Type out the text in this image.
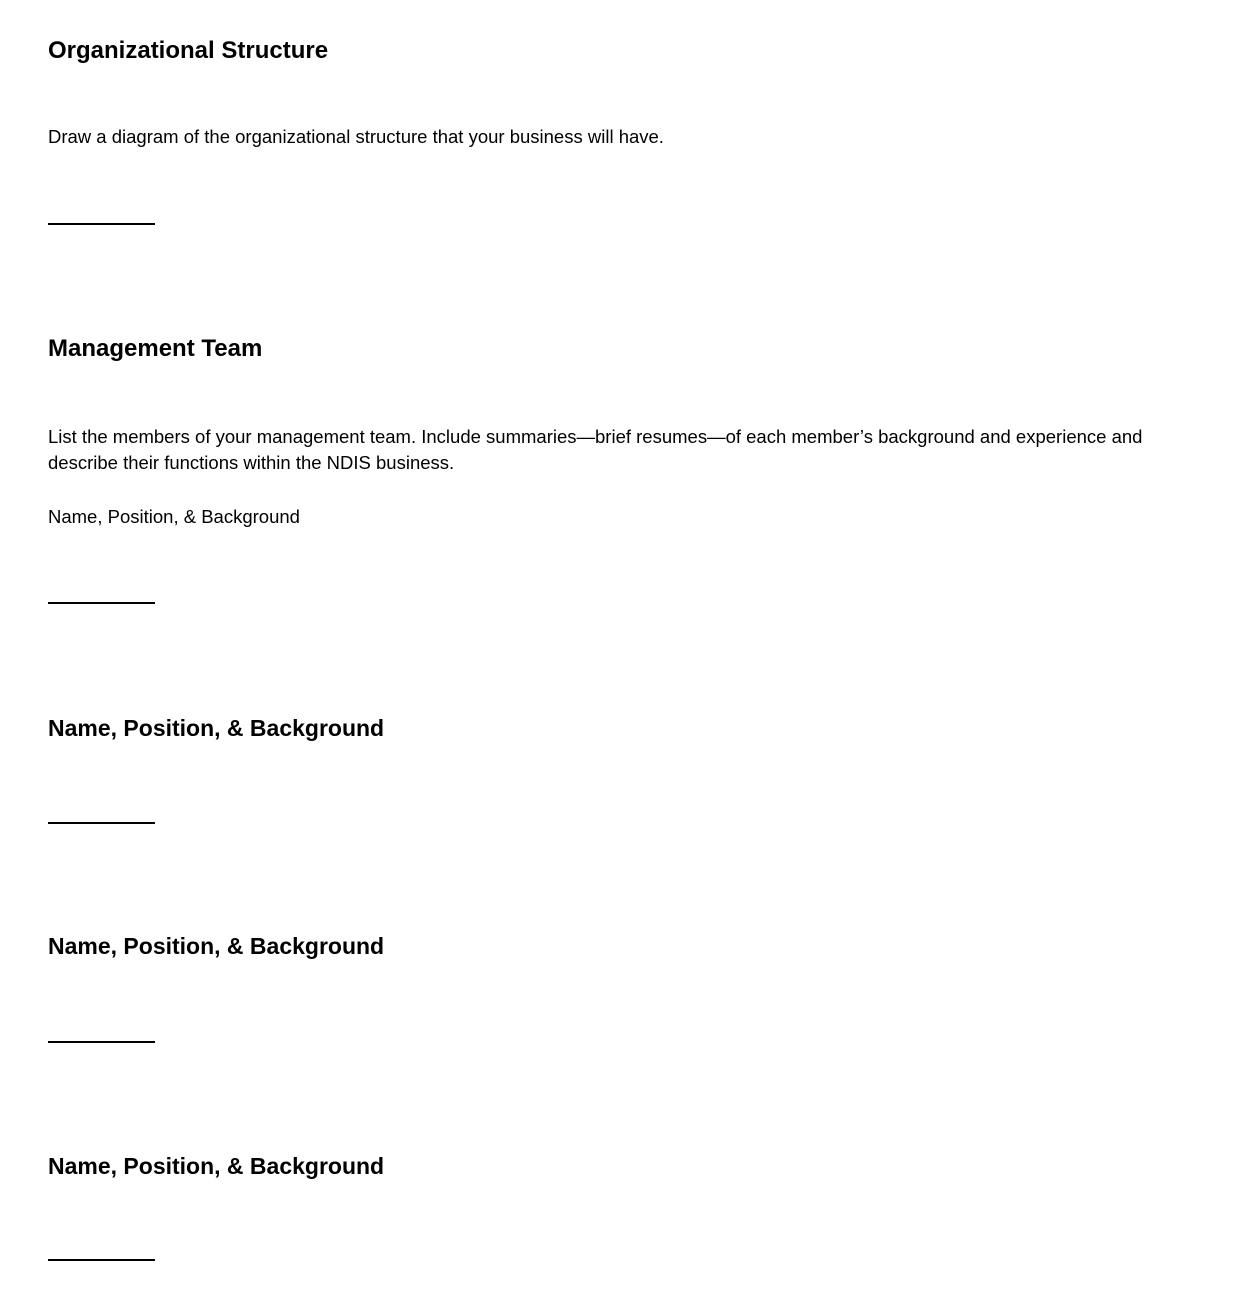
Organizational Structure

Draw a diagram of the organizational structure that your business will have.

Management Team

List the members of your management team. Include summaries—brief resumes—of each member’s background and experience and describe their functions within the NDIS business.

Name, Position, & Background

Name, Position, & Background
Name, Position, & Background
Name, Position, & Background
